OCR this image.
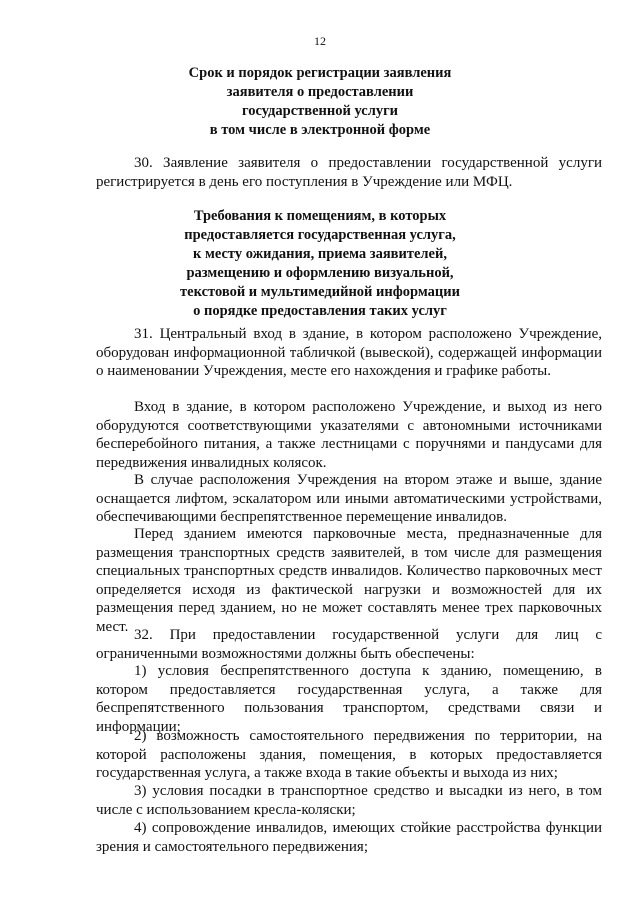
12
Срок и порядок регистрации заявления
заявителя о предоставлении
государственной услуги
в том числе в электронной форме
30. Заявление заявителя о предоставлении государственной услуги регистрируется в день его поступления в Учреждение или МФЦ.
Требования к помещениям, в которых
предоставляется государственная услуга,
к месту ожидания, приема заявителей,
размещению и оформлению визуальной,
текстовой и мультимедийной информации
о порядке предоставления таких услуг
31. Центральный вход в здание, в котором расположено Учреждение, оборудован информационной табличкой (вывеской), содержащей информации о наименовании Учреждения, месте его нахождения и графике работы.
Вход в здание, в котором расположено Учреждение, и выход из него оборудуются соответствующими указателями с автономными источниками бесперебойного питания, а также лестницами с поручнями и пандусами для передвижения инвалидных колясок.
В случае расположения Учреждения на втором этаже и выше, здание оснащается лифтом, эскалатором или иными автоматическими устройствами, обеспечивающими беспрепятственное перемещение инвалидов.
Перед зданием имеются парковочные места, предназначенные для размещения транспортных средств заявителей, в том числе для размещения специальных транспортных средств инвалидов. Количество парковочных мест определяется исходя из фактической нагрузки и возможностей для их размещения перед зданием, но не может составлять менее трех парковочных мест.
32. При предоставлении государственной услуги для лиц с ограниченными возможностями должны быть обеспечены:
1) условия беспрепятственного доступа к зданию, помещению, в котором предоставляется государственная услуга, а также для беспрепятственного пользования транспортом, средствами связи и информации;
2) возможность самостоятельного передвижения по территории, на которой расположены здания, помещения, в которых предоставляется государственная услуга, а также входа в такие объекты и выхода из них;
3) условия посадки в транспортное средство и высадки из него, в том числе с использованием кресла-коляски;
4) сопровождение инвалидов, имеющих стойкие расстройства функции зрения и самостоятельного передвижения;
